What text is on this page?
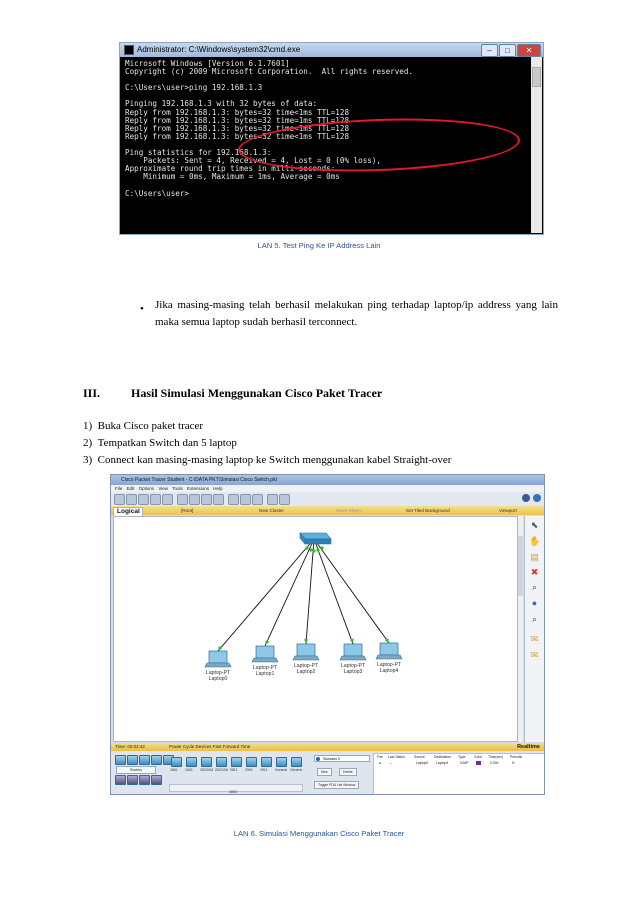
Administrator: C:\Windows\system32\cmd.exe	–	□	✕
Microsoft Windows [Version 6.1.7601]
Copyright (c) 2009 Microsoft Corporation.  All rights reserved.

C:\Users\user>ping 192.168.1.3

Pinging 192.168.1.3 with 32 bytes of data:
Reply from 192.168.1.3: bytes=32 time<1ms TTL=128
Reply from 192.168.1.3: bytes=32 time=1ms TTL=128
Reply from 192.168.1.3: bytes=32 time<1ms TTL=128
Reply from 192.168.1.3: bytes=32 time<1ms TTL=128

Ping statistics for 192.168.1.3:
Packets: Sent = 4, Received = 4, Lost = 0 (0% loss),
Approximate round trip times in milli-seconds:
Minimum = 0ms, Maximum = 1ms, Average = 0ms

C:\Users\user>
LAN 5. Test Ping Ke IP Address Lain
• Jika masing-masing telah berhasil melakukan ping terhadap laptop/ip address yang lain maka semua laptop sudah berhasil terconnect.
III.	Hasil Simulasi Menggunakan Cisco Paket Tracer
1) Buka Cisco paket tracer
2) Tempatkan Switch dan 5 laptop
3) Connect kan masing-masing laptop ke Switch menggunakan kabel Straight-over
Cisco Packet Tracer Student - C:\DATA PKT\Simulasi Cisco Switch.pkt
File Edit Options View Tools Extensions Help
[Root]	New Cluster	Move Object	Set Tiled Background	Viewport
Logical
Laptop-PT
Laptop0
Laptop-PT
Laptop1
Laptop-PT
Laptop2
Laptop-PT
Laptop3
Laptop-PT
Laptop4
⬉
✋
▤
✖
⌕
●
⌕
✉
✉
Time: 00:02:42	Power Cycle Devices Fast Forward Time	Realtime
Routers	1841 1941 2620XM 2621XM 2811 2901 2911 Generic Generic
1841
Scenario 0
New	Delete
Toggle PDU List Window
Fire Last Status	Source	Destination Type	Color Time(sec) Periodic
●	--	Laptop0 Laptop3	ICMP	0.000	N
LAN 6. Simulasi Menggunakan Cisco Paket Tracer
